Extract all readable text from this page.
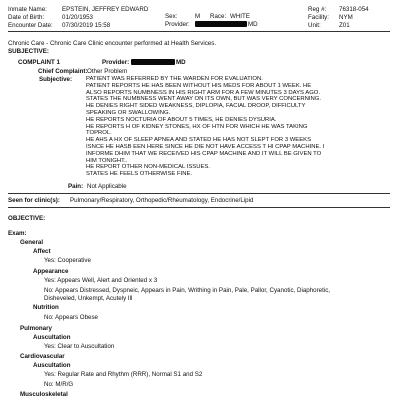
Inmate Name: EPSTEIN, JEFFREY EDWARD
Date of Birth:	01/20/1953
Encounter Date: 07/30/2019 15:58
Sex:	M Race: WHITE
Provider:	MD
Reg #: 76318-054
Facility: NYM
Unit:	Z01
Chronic Care - Chronic Care Clinic encounter performed at Health Services.
SUBJECTIVE:
COMPLAINT 1	Provider:	MD
Chief Complaint: Other Problem
Subjective: PATIENT WAS REFERRED BY THE WARDEN FOR EVALUATION.
PATIENT REPORTS HE HAS BEEN WITHOUT HIS MEDS FOR ABOUT 1 WEEK. HE
ALSO REPORTS NUMBNESS IN HIS RIGHT ARM FOR A FEW MINUTES 3 DAYS AGO.
STATES THE NUMBNESS WENT AWAY ON ITS OWN, BUT WAS VERY CONCERNING.
HE DENIES RIGHT SIDED WEAKNESS, DIPLOPIA, FACIAL DROOP, DIFFICULTY
SPEAKING OR SWALLOWING.
HE REPORTS NOCTURIA OF ABOUT 5 TIMES, HE DENIES DYSURIA.
HE REPORTS H OF KIDNEY STONES, HX OF HTN FOR WHICH HE WAS TAKING
TOPROL.
HE AHS A HX OF SLEEP APNEA AND STATED HE HAS NOT SLEPT FOR 3 WEEKS
ISNCE HE HASB EEN HERE SINCE HE DIE NOT HAVE ACCESS T HI CPAP MACHINE. I
INFORME DHIM THAT WE RECEIVED HIS CPAP MACHINE AND IT WILL BE GIVEN TO
HIM TONIGHT..
HE REPORT OTHER NON-MEDICAL ISSUES.
STATES HE FEELS OTHERWISE FINE.
Pain: Not Applicable
Seen for clinic(s): Pulmonary/Respiratory, Orthopedic/Rheumatology, Endocrine/Lipid
OBJECTIVE:
Exam:
General
Affect
Yes: Cooperative
Appearance
Yes: Appears Well, Alert and Oriented x 3
No: Appears Distressed, Dyspneic, Appears in Pain, Writhing in Pain, Pale, Pallor, Cyanotic, Diaphoretic,
Disheveled, Unkempt, Acutely Ill
Nutrition
No: Appears Obese
Pulmonary
Auscultation
Yes: Clear to Auscultation
Cardiovascular
Auscultation
Yes: Regular Rate and Rhythm (RRR), Normal S1 and S2
No: M/R/G
Musculoskeletal
